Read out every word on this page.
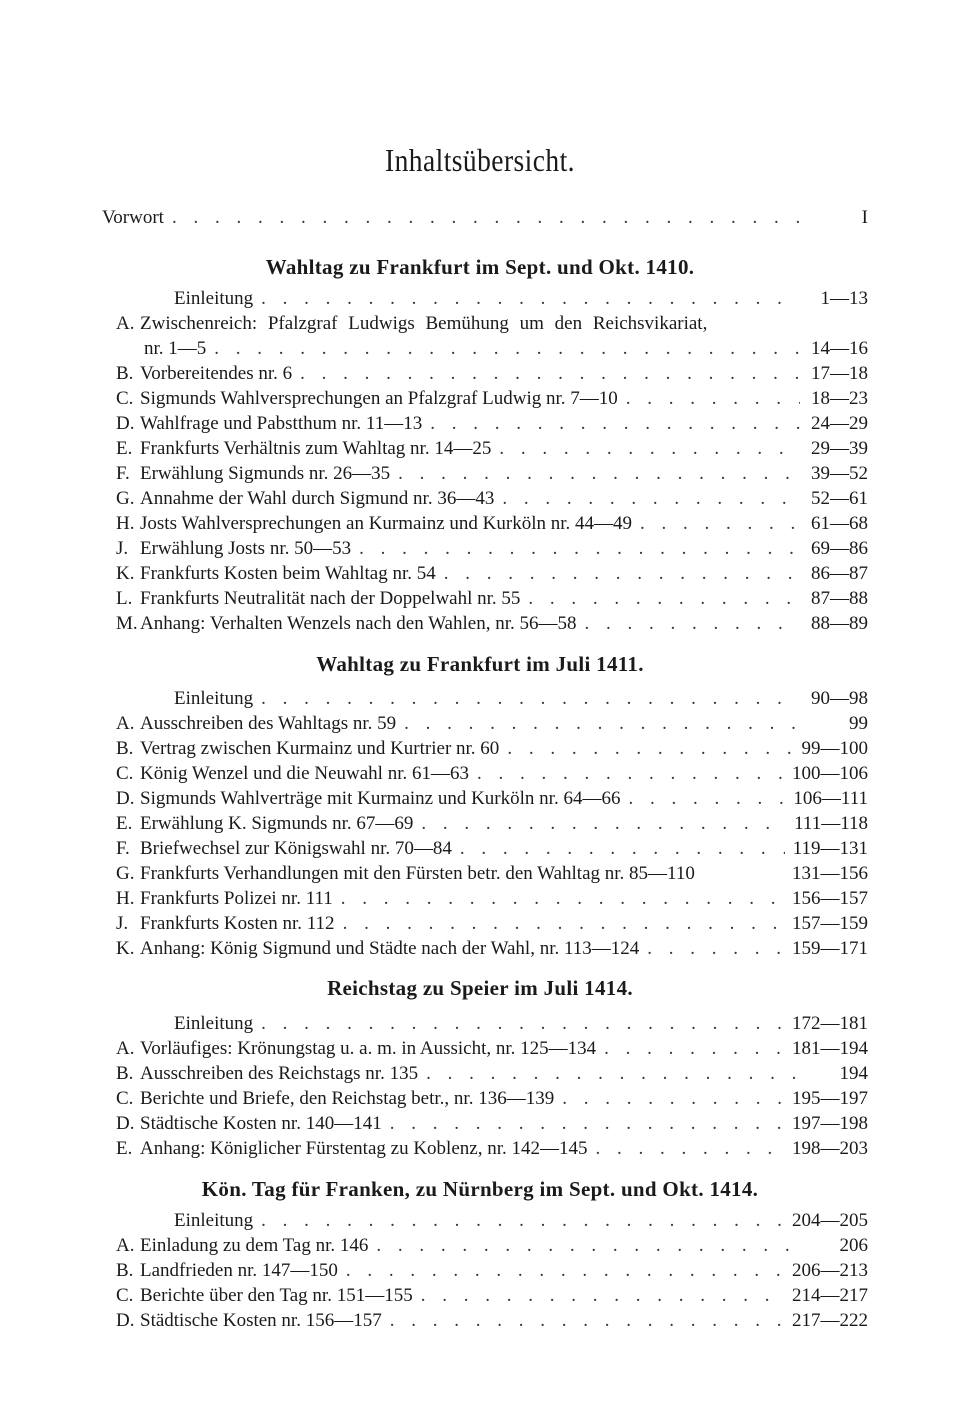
Inhaltsübersicht.
Vorwort . . .	I
Wahltag zu Frankfurt im Sept. und Okt. 1410.
Einleitung . . .	1—13
A. Zwischenreich: Pfalzgraf Ludwigs Bemühung um den Reichsvikariat,
nr. 1—5 . . .	14—16
B. Vorbereitendes nr. 6 . . .	17—18
C. Sigmunds Wahlversprechungen an Pfalzgraf Ludwig nr. 7—10 . . .	18—23
D. Wahlfrage und Pabstthum nr. 11—13 . . .	24—29
E. Frankfurts Verhältnis zum Wahltag nr. 14—25 . . .	29—39
F. Erwählung Sigmunds nr. 26—35 . . .	39—52
G. Annahme der Wahl durch Sigmund nr. 36—43 . . .	52—61
H. Josts Wahlversprechungen an Kurmainz und Kurköln nr. 44—49 . . .	61—68
J. Erwählung Josts nr. 50—53 . . .	69—86
K. Frankfurts Kosten beim Wahltag nr. 54 . . .	86—87
L. Frankfurts Neutralität nach der Doppelwahl nr. 55 . . .	87—88
M. Anhang: Verhalten Wenzels nach den Wahlen, nr. 56—58 . . .	88—89
Wahltag zu Frankfurt im Juli 1411.
Einleitung . . .	90—98
A. Ausschreiben des Wahltags nr. 59 . . .	99
B. Vertrag zwischen Kurmainz und Kurtrier nr. 60 . . .	99—100
C. König Wenzel und die Neuwahl nr. 61—63 . . .	100—106
D. Sigmunds Wahlverträge mit Kurmainz und Kurköln nr. 64—66 . . .	106—111
E. Erwählung K. Sigmunds nr. 67—69 . . .	111—118
F. Briefwechsel zur Königswahl nr. 70—84 . . .	119—131
G. Frankfurts Verhandlungen mit den Fürsten betr. den Wahltag nr. 85—110	131—156
H. Frankfurts Polizei nr. 111 . . .	156—157
J. Frankfurts Kosten nr. 112 . . .	157—159
K. Anhang: König Sigmund und Städte nach der Wahl, nr. 113—124 . . .	159—171
Reichstag zu Speier im Juli 1414.
Einleitung . . .	172—181
A. Vorläufiges: Krönungstag u. a. m. in Aussicht, nr. 125—134 . . .	181—194
B. Ausschreiben des Reichstags nr. 135 . . .	194
C. Berichte und Briefe, den Reichstag betr., nr. 136—139 . . .	195—197
D. Städtische Kosten nr. 140—141 . . .	197—198
E. Anhang: Königlicher Fürstentag zu Koblenz, nr. 142—145 . . .	198—203
Kön. Tag für Franken, zu Nürnberg im Sept. und Okt. 1414.
Einleitung . . .	204—205
A. Einladung zu dem Tag nr. 146 . . .	206
B. Landfrieden nr. 147—150 . . .	206—213
C. Berichte über den Tag nr. 151—155 . . .	214—217
D. Städtische Kosten nr. 156—157 . . .	217—222
